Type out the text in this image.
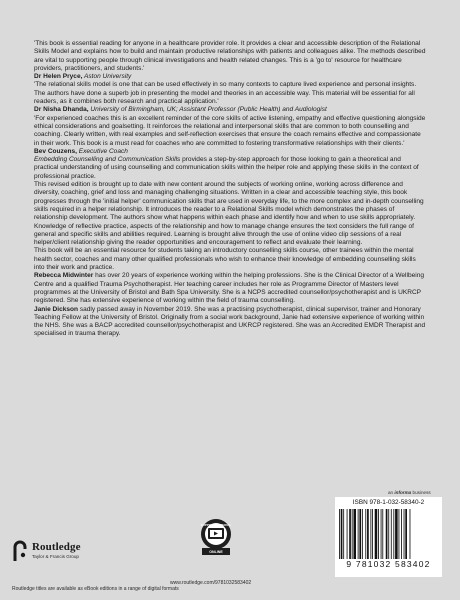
'This book is essential reading for anyone in a healthcare provider role. It provides a clear and accessible description of the Relational Skills Model and explains how to build and maintain productive relationships with patients and colleagues alike. The methods described are vital to supporting people through clinical investigations and health related changes. This is a 'go to' resource for healthcare providers, practitioners, and students.'
Dr Helen Pryce, Aston University

'The relational skills model is one that can be used effectively in so many contexts to capture lived experience and personal insights. The authors have done a superb job in presenting the model and theories in an accessible way. This material will be essential for all readers, as it combines both research and practical application.'
Dr Nisha Dhanda, University of Birmingham, UK; Assistant Professor (Public Health) and Audiologist

'For experienced coaches this is an excellent reminder of the core skills of active listening, empathy and effective questioning alongside ethical considerations and goalsetting. It reinforces the relational and interpersonal skills that are common to both counselling and coaching. Clearly written, with real examples and self-reflection exercises that ensure the coach remains effective and compassionate in their work. This book is a must read for coaches who are committed to fostering transformative relationships with their clients.'
Bev Couzens, Executive Coach

Embedding Counselling and Communication Skills provides a step-by-step approach for those looking to gain a theoretical and practical understanding of using counselling and communication skills within the helper role and applying these skills in the context of professional practice.

This revised edition is brought up to date with new content around the subjects of working online, working across difference and diversity, coaching, grief and loss and managing challenging situations. Written in a clear and accessible teaching style, this book progresses through the 'initial helper' communication skills that are used in everyday life, to the more complex and in-depth counselling skills required in a helper relationship. It introduces the reader to a Relational Skills model which demonstrates the phases of relationship development. The authors show what happens within each phase and identify how and when to use skills appropriately. Knowledge of reflective practice, aspects of the relationship and how to manage change ensures the text considers the full range of general and specific skills and abilities required. Learning is brought alive through the use of online video clip sessions of a real helper/client relationship giving the reader opportunities and encouragement to reflect and evaluate their learning.

This book will be an essential resource for students taking an introductory counselling skills course, other trainees within the mental health sector, coaches and many other qualified professionals who wish to enhance their knowledge of embedding counselling skills into their work and practice.

Rebecca Midwinter has over 20 years of experience working within the helping professions. She is the Clinical Director of a Wellbeing Centre and a qualified Trauma Psychotherapist. Her teaching career includes her role as Programme Director of Masters level programmes at the University of Bristol and Bath Spa University. She is a NCPS accredited counsellor/psychotherapist and is UKRCP registered. She has extensive experience of working within the field of trauma counselling.

Janie Dickson sadly passed away in November 2019. She was a practising psychotherapist, clinical supervisor, trainer and Honorary Teaching Fellow at the University of Bristol. Originally from a social work background, Janie had extensive experience of working within the NHS. She was a BACP accredited counsellor/psychotherapist and UKRCP registered. She was an Accredited EMDR Therapist and specialised in trauma therapy.

an informa business
ISBN 978-1-032-58340-2
9 781032 583402
Routledge
Taylor & Francis Group
SUPPORT MATERIAL
ONLINE
www.routledge.com/9781032583402
Routledge titles are available as eBook editions in a range of digital formats
